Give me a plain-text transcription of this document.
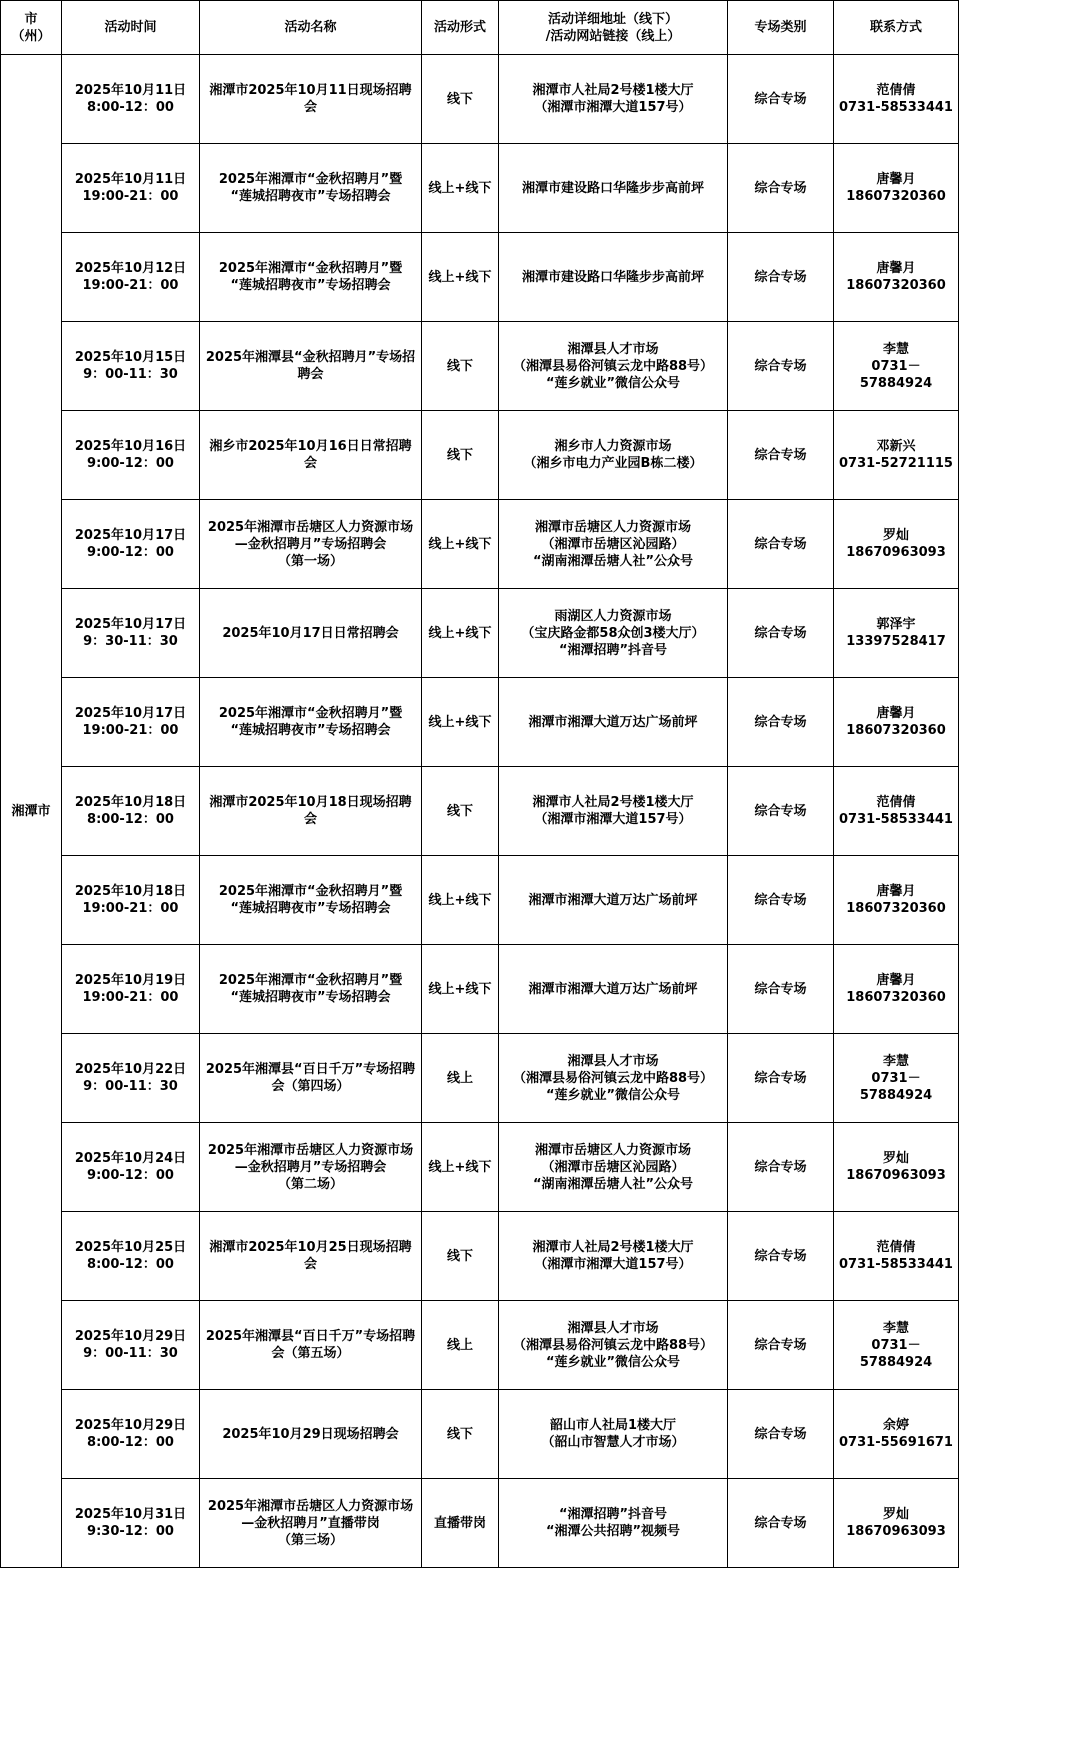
市
（州）	活动时间	活动名称	活动形式	活动详细地址（线下）
/活动网站链接（线上）	专场类别	联系方式
湘潭市	2025年10月11日
8:00-12：00	湘潭市2025年10月11日现场招聘会	线下	湘潭市人社局2号楼1楼大厅
（湘潭市湘潭大道157号）	综合专场	范倩倩
0731-58533441
	2025年10月11日
19:00-21：00	2025年湘潭市“金秋招聘月”暨
“莲城招聘夜市”专场招聘会	线上+线下	湘潭市建设路口华隆步步高前坪	综合专场	唐馨月
18607320360
	2025年10月12日
19:00-21：00	2025年湘潭市“金秋招聘月”暨
“莲城招聘夜市”专场招聘会	线上+线下	湘潭市建设路口华隆步步高前坪	综合专场	唐馨月
18607320360
	2025年10月15日
9：00-11：30	2025年湘潭县“金秋招聘月”专场招聘会	线下	湘潭县人才市场
（湘潭县易俗河镇云龙中路88号）
“莲乡就业”微信公众号	综合专场	李慧
0731－57884924
	2025年10月16日
9:00-12：00	湘乡市2025年10月16日日常招聘会	线下	湘乡市人力资源市场
（湘乡市电力产业园B栋二楼）	综合专场	邓新兴
0731-52721115
	2025年10月17日
9:00-12：00	2025年湘潭市岳塘区人力资源市场—金秋招聘月”专场招聘会
（第一场）	线上+线下	湘潭市岳塘区人力资源市场
（湘潭市岳塘区沁园路）
“湖南湘潭岳塘人社”公众号	综合专场	罗灿
18670963093
	2025年10月17日
9：30-11：30	2025年10月17日日常招聘会	线上+线下	雨湖区人力资源市场
（宝庆路金都58众创3楼大厅）
“湘潭招聘”抖音号	综合专场	郭泽宇
13397528417
	2025年10月17日
19:00-21：00	2025年湘潭市“金秋招聘月”暨
“莲城招聘夜市”专场招聘会	线上+线下	湘潭市湘潭大道万达广场前坪	综合专场	唐馨月
18607320360
	2025年10月18日
8:00-12：00	湘潭市2025年10月18日现场招聘会	线下	湘潭市人社局2号楼1楼大厅
（湘潭市湘潭大道157号）	综合专场	范倩倩
0731-58533441
	2025年10月18日
19:00-21：00	2025年湘潭市“金秋招聘月”暨
“莲城招聘夜市”专场招聘会	线上+线下	湘潭市湘潭大道万达广场前坪	综合专场	唐馨月
18607320360
	2025年10月19日
19:00-21：00	2025年湘潭市“金秋招聘月”暨
“莲城招聘夜市”专场招聘会	线上+线下	湘潭市湘潭大道万达广场前坪	综合专场	唐馨月
18607320360
	2025年10月22日
9：00-11：30	2025年湘潭县“百日千万”专场招聘会（第四场）	线上	湘潭县人才市场
（湘潭县易俗河镇云龙中路88号）
“莲乡就业”微信公众号	综合专场	李慧
0731－57884924
	2025年10月24日
9:00-12：00	2025年湘潭市岳塘区人力资源市场—金秋招聘月”专场招聘会
（第二场）	线上+线下	湘潭市岳塘区人力资源市场
（湘潭市岳塘区沁园路）
“湖南湘潭岳塘人社”公众号	综合专场	罗灿
18670963093
	2025年10月25日
8:00-12：00	湘潭市2025年10月25日现场招聘会	线下	湘潭市人社局2号楼1楼大厅
（湘潭市湘潭大道157号）	综合专场	范倩倩
0731-58533441
	2025年10月29日
9：00-11：30	2025年湘潭县“百日千万”专场招聘会（第五场）	线上	湘潭县人才市场
（湘潭县易俗河镇云龙中路88号）
“莲乡就业”微信公众号	综合专场	李慧
0731－57884924
	2025年10月29日
8:00-12：00	2025年10月29日现场招聘会	线下	韶山市人社局1楼大厅
（韶山市智慧人才市场）	综合专场	余婷
0731-55691671
	2025年10月31日
9:30-12：00	2025年湘潭市岳塘区人力资源市场—金秋招聘月”直播带岗
（第三场）	直播带岗	“湘潭招聘”抖音号
“湘潭公共招聘”视频号	综合专场	罗灿
18670963093
